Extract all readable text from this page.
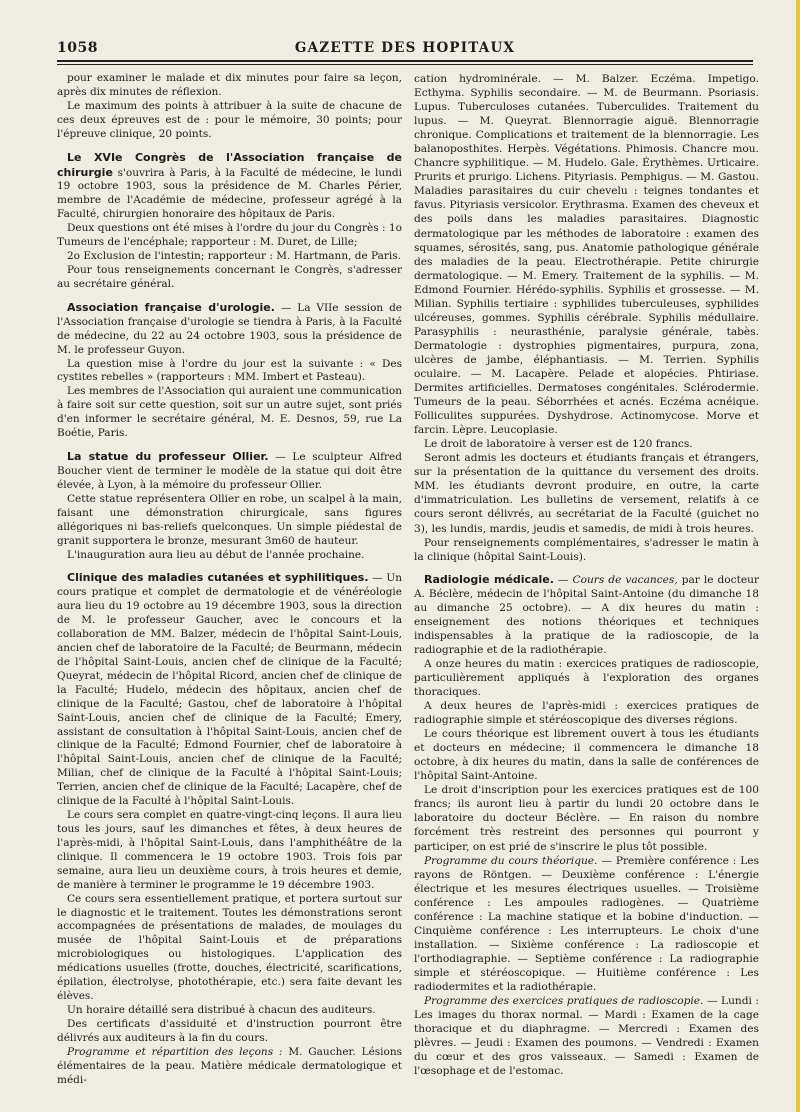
GAZETTE DES HOPITAUX
1058

pour examiner le malade et dix minutes pour faire sa leçon, après dix minutes de réflexion.

Le maximum des points à attribuer à la suite de chacune de ces deux épreuves est de : pour le mémoire, 30 points; pour l'épreuve clinique, 20 points.

Le XVIe Congrès de l'Association française de chirurgie s'ouvrira à Paris, à la Faculté de médecine, le lundi 19 octobre 1903, sous la présidence de M. Charles Périer, membre de l'Académie de médecine, professeur agrégé à la Faculté, chirurgien honoraire des hôpitaux de Paris.

Deux questions ont été mises à l'ordre du jour du Congrès : 1o Tumeurs de l'encéphale; rapporteur : M. Duret, de Lille;

2o Exclusion de l'intestin; rapporteur : M. Hartmann, de Paris.

Pour tous renseignements concernant le Congrès, s'adresser au secrétaire général.

Association française d'urologie. — La VIIe session de l'Association française d'urologie se tiendra à Paris, à la Faculté de médecine, du 22 au 24 octobre 1903, sous la présidence de M. le professeur Guyon.

La question mise à l'ordre du jour est la suivante : « Des cystites rebelles » (rapporteurs : MM. Imbert et Pasteau).

Les membres de l'Association qui auraient une communication à faire soit sur cette question, soit sur un autre sujet, sont priés d'en informer le secrétaire général, M. E. Desnos, 59, rue La Boétie, Paris.

La statue du professeur Ollier. — Le sculpteur Alfred Boucher vient de terminer le modèle de la statue qui doit être élevée, à Lyon, à la mémoire du professeur Ollier.

Cette statue représentera Ollier en robe, un scalpel à la main, faisant une démonstration chirurgicale, sans figures allégoriques ni bas-reliefs quelconques. Un simple piédestal de granit supportera le bronze, mesurant 3m60 de hauteur.

L'inauguration aura lieu au début de l'année prochaine.

Clinique des maladies cutanées et syphilitiques. — Un cours pratique et complet de dermatologie et de vénéréologie aura lieu du 19 octobre au 19 décembre 1903, sous la direction de M. le professeur Gaucher, avec le concours et la collaboration de MM. Balzer, médecin de l'hôpital Saint-Louis, ancien chef de laboratoire de la Faculté; de Beurmann, médecin de l'hôpital Saint-Louis, ancien chef de clinique de la Faculté; Queyrat, médecin de l'hôpital Ricord, ancien chef de clinique de la Faculté; Hudelo, médecin des hôpitaux, ancien chef de clinique de la Faculté; Gastou, chef de laboratoire à l'hôpital Saint-Louis, ancien chef de clinique de la Faculté; Emery, assistant de consultation à l'hôpital Saint-Louis, ancien chef de clinique de la Faculté; Edmond Fournier, chef de laboratoire à l'hôpital Saint-Louis, ancien chef de clinique de la Faculté; Milian, chef de clinique de la Faculté à l'hôpital Saint-Louis; Terrien, ancien chef de clinique de la Faculté; Lacapère, chef de clinique de la Faculté à l'hôpital Saint-Louis.

Le cours sera complet en quatre-vingt-cinq leçons. Il aura lieu tous les jours, sauf les dimanches et fêtes, à deux heures de l'après-midi, à l'hôpital Saint-Louis, dans l'amphithéâtre de la clinique. Il commencera le 19 octobre 1903. Trois fois par semaine, aura lieu un deuxième cours, à trois heures et demie, de manière à terminer le programme le 19 décembre 1903.

Ce cours sera essentiellement pratique, et portera surtout sur le diagnostic et le traitement. Toutes les démonstrations seront accompagnées de présentations de malades, de moulages du musée de l'hôpital Saint-Louis et de préparations microbiologiques ou histologiques. L'application des médications usuelles (frotte, douches, électricité, scarifications, épilation, électrolyse, photothérapie, etc.) sera faite devant les élèves.

Un horaire détaillé sera distribué à chacun des auditeurs.

Des certificats d'assiduité et d'instruction pourront être délivrés aux auditeurs à la fin du cours.

Programme et répartition des leçons : M. Gaucher. Lésions élémentaires de la peau. Matière médicale dermatologique et médi-

cation hydrominérale. — M. Balzer. Eczéma. Impetigo. Ecthyma. Syphilis secondaire. — M. de Beurmann. Psoriasis. Lupus. Tuberculoses cutanées. Tuberculides. Traitement du lupus. — M. Queyrat. Blennorragie aiguë. Blennorragie chronique. Complications et traitement de la blennorragie. Les balanoposthites. Herpès. Végétations. Phimosis. Chancre mou. Chancre syphilitique. — M. Hudelo. Gale. Érythèmes. Urticaire. Prurits et prurigo. Lichens. Pityriasis. Pemphigus. — M. Gastou. Maladies parasitaires du cuir chevelu : teignes tondantes et favus. Pityriasis versicolor. Erythrasma. Examen des cheveux et des poils dans les maladies parasitaires. Diagnostic dermatologique par les méthodes de laboratoire : examen des squames, sérosités, sang, pus. Anatomie pathologique générale des maladies de la peau. Electrothérapie. Petite chirurgie dermatologique. — M. Emery. Traitement de la syphilis. — M. Edmond Fournier. Hérédo-syphilis. Syphilis et grossesse. — M. Milian. Syphilis tertiaire : syphilides tuberculeuses, syphilides ulcéreuses, gommes. Syphilis cérébrale. Syphilis médullaire. Parasyphilis : neurasthénie, paralysie générale, tabès. Dermatologie : dystrophies pigmentaires, purpura, zona, ulcères de jambe, éléphantiasis. — M. Terrien. Syphilis oculaire. — M. Lacapère. Pelade et alopécies. Phtiriase. Dermites artificielles. Dermatoses congénitales. Sclérodermie. Tumeurs de la peau. Séborrhées et acnés. Eczéma acnéique. Folliculites suppurées. Dyshydrose. Actinomycose. Morve et farcin. Lèpre. Leucoplasie.

Le droit de laboratoire à verser est de 120 francs.

Seront admis les docteurs et étudiants français et étrangers, sur la présentation de la quittance du versement des droits. MM. les étudiants devront produire, en outre, la carte d'immatriculation. Les bulletins de versement, relatifs à ce cours seront délivrés, au secrétariat de la Faculté (guichet no 3), les lundis, mardis, jeudis et samedis, de midi à trois heures.

Pour renseignements complémentaires, s'adresser le matin à la clinique (hôpital Saint-Louis).

Radiologie médicale. — Cours de vacances, par le docteur A. Béclère, médecin de l'hôpital Saint-Antoine (du dimanche 18 au dimanche 25 octobre). — A dix heures du matin : enseignement des notions théoriques et techniques indispensables à la pratique de la radioscopie, de la radiographie et de la radiothérapie.

A onze heures du matin : exercices pratiques de radioscopie, particulièrement appliqués à l'exploration des organes thoraciques.

A deux heures de l'après-midi : exercices pratiques de radiographie simple et stéréoscopique des diverses régions.

Le cours théorique est librement ouvert à tous les étudiants et docteurs en médecine; il commencera le dimanche 18 octobre, à dix heures du matin, dans la salle de conférences de l'hôpital Saint-Antoine.

Le droit d'inscription pour les exercices pratiques est de 100 francs; ils auront lieu à partir du lundi 20 octobre dans le laboratoire du docteur Béclère. — En raison du nombre forcément très restreint des personnes qui pourront y participer, on est prié de s'inscrire le plus tôt possible.

Programme du cours théorique. — Première conférence : Les rayons de Röntgen. — Deuxième conférence : L'énergie électrique et les mesures électriques usuelles. — Troisième conférence : Les ampoules radiogènes. — Quatrième conférence : La machine statique et la bobine d'induction. — Cinquième conférence : Les interrupteurs. Le choix d'une installation. — Sixième conférence : La radioscopie et l'orthodiagraphie. — Septième conférence : La radiographie simple et stéréoscopique. — Huitième conférence : Les radiodermites et la radiothérapie.

Programme des exercices pratiques de radioscopie. — Lundi : Les images du thorax normal. — Mardi : Examen de la cage thoracique et du diaphragme. — Mercredi : Examen des plèvres. — Jeudi : Examen des poumons. — Vendredi : Examen du cœur et des gros vaisseaux. — Samedi : Examen de l'œsophage et de l'estomac.
